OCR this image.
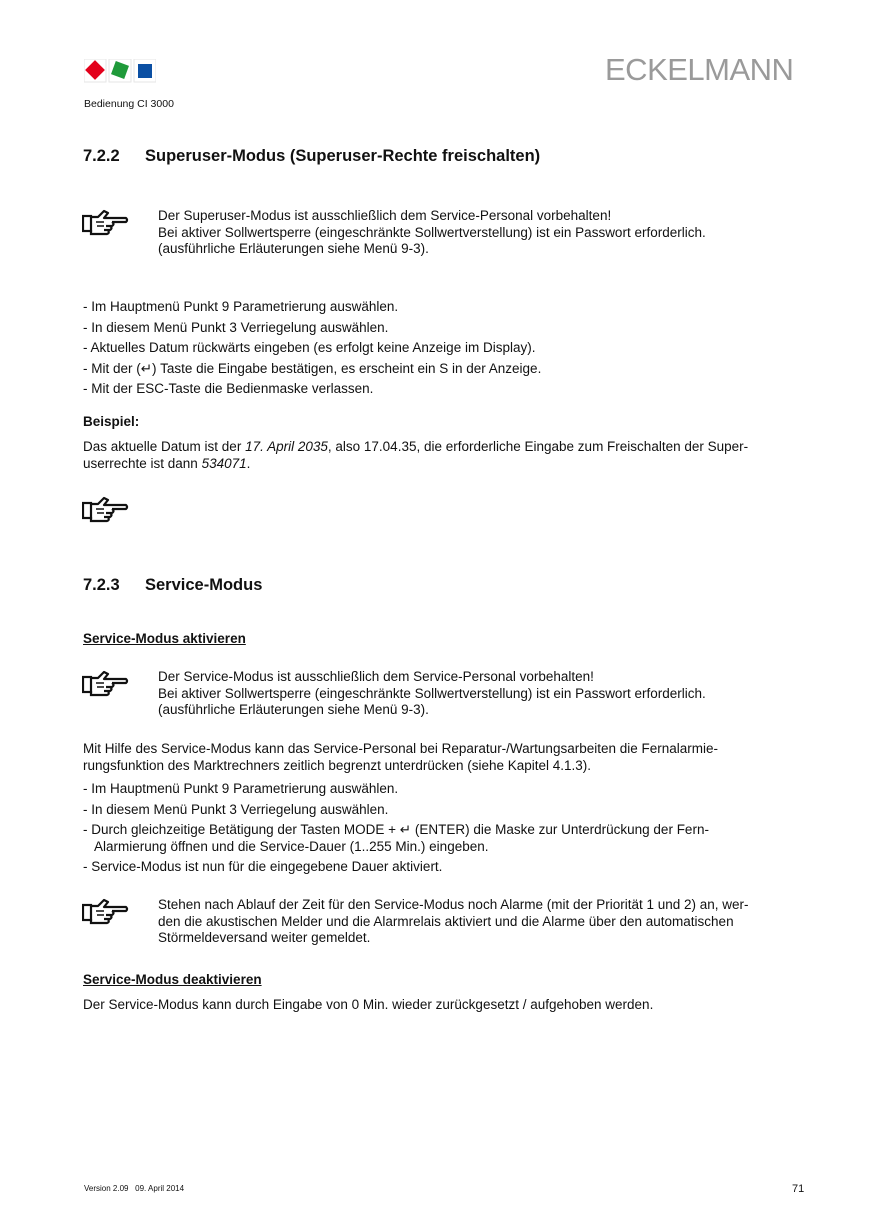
ECKELMANN
Bedienung CI 3000
7.2.2 Superuser-Modus (Superuser-Rechte freischalten)
Der Superuser-Modus ist ausschließlich dem Service-Personal vorbehalten!
Bei aktiver Sollwertsperre (eingeschränkte Sollwertverstellung) ist ein Passwort erforderlich.
(ausführliche Erläuterungen siehe Menü 9-3).
- Im Hauptmenü Punkt 9 Parametrierung auswählen.
- In diesem Menü Punkt 3 Verriegelung auswählen.
- Aktuelles Datum rückwärts eingeben (es erfolgt keine Anzeige im Display).
- Mit der (↵) Taste die Eingabe bestätigen, es erscheint ein S in der Anzeige.
- Mit der ESC-Taste die Bedienmaske verlassen.
Beispiel:
Das aktuelle Datum ist der 17. April 2035, also 17.04.35, die erforderliche Eingabe zum Freischalten der Super-
userrechte ist dann 534071.
7.2.3 Service-Modus
Service-Modus aktivieren
Der Service-Modus ist ausschließlich dem Service-Personal vorbehalten!
Bei aktiver Sollwertsperre (eingeschränkte Sollwertverstellung) ist ein Passwort erforderlich.
(ausführliche Erläuterungen siehe Menü 9-3).
Mit Hilfe des Service-Modus kann das Service-Personal bei Reparatur-/Wartungsarbeiten die Fernalarmie-
rungsfunktion des Marktrechners zeitlich begrenzt unterdrücken (siehe Kapitel 4.1.3).
- Im Hauptmenü Punkt 9 Parametrierung auswählen.
- In diesem Menü Punkt 3 Verriegelung auswählen.
- Durch gleichzeitige Betätigung der Tasten MODE + ↵ (ENTER) die Maske zur Unterdrückung der Fern-
Alarmierung öffnen und die Service-Dauer (1..255 Min.) eingeben.
- Service-Modus ist nun für die eingegebene Dauer aktiviert.
Stehen nach Ablauf der Zeit für den Service-Modus noch Alarme (mit der Priorität 1 und 2) an, wer-
den die akustischen Melder und die Alarmrelais aktiviert und die Alarme über den automatischen
Störmeldeversand weiter gemeldet.
Service-Modus deaktivieren
Der Service-Modus kann durch Eingabe von 0 Min. wieder zurückgesetzt / aufgehoben werden.
Version 2.09   09. April 2014	71
